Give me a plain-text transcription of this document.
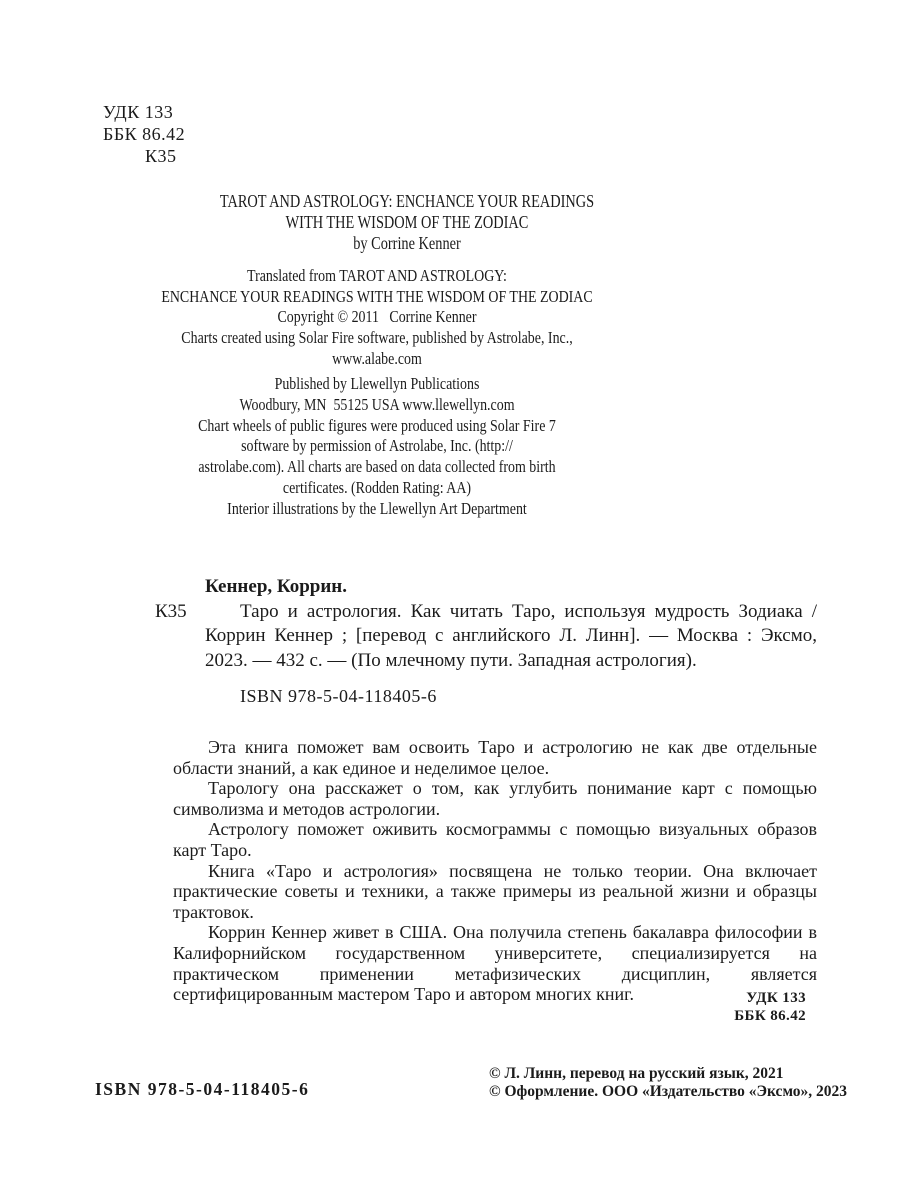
УДК 133
ББК 86.42
К35
TAROT AND ASTROLOGY: ENCHANCE YOUR READINGS
WITH THE WISDOM OF THE ZODIAC
by Corrine Kenner
Translated from TAROT AND ASTROLOGY:
ENCHANCE YOUR READINGS WITH THE WISDOM OF THE ZODIAC
Copyright © 2011   Corrine Kenner
Charts created using Solar Fire software, published by Astrolabe, Inc.,
www.alabe.com
Published by Llewellyn Publications
Woodbury, MN  55125 USA www.llewellyn.com
Chart wheels of public figures were produced using Solar Fire 7
software by permission of Astrolabe, Inc. (http://
astrolabe.com). All charts are based on data collected from birth
certificates. (Rodden Rating: AA)
Interior illustrations by the Llewellyn Art Department
Кеннер, Коррин.

К35	Таро и астрология. Как читать Таро, используя мудрость Зодиака / Коррин Кеннер ; [перевод с английского Л. Линн]. — Москва : Эксмо, 2023. — 432 с. — (По млечному пути. Западная астрология).

ISBN 978-5-04-118405-6

Эта книга поможет вам освоить Таро и астрологию не как две отдельные области знаний, а как единое и неделимое целое.

Тарологу она расскажет о том, как углубить понимание карт с помощью символизма и методов астрологии.

Астрологу поможет оживить космограммы с помощью визуальных образов карт Таро.

Книга «Таро и астрология» посвящена не только теории. Она включает практические советы и техники, а также примеры из реальной жизни и образцы трактовок.

Коррин Кеннер живет в США. Она получила степень бакалавра философии в Калифорнийском государственном университете, специализируется на практическом применении метафизических дисциплин, является сертифицированным мастером Таро и автором многих книг.	УДК 133
ББК 86.42
ISBN 978-5-04-118405-6
© Л. Линн, перевод на русский язык, 2021
© Оформление. ООО «Издательство «Эксмо», 2023
